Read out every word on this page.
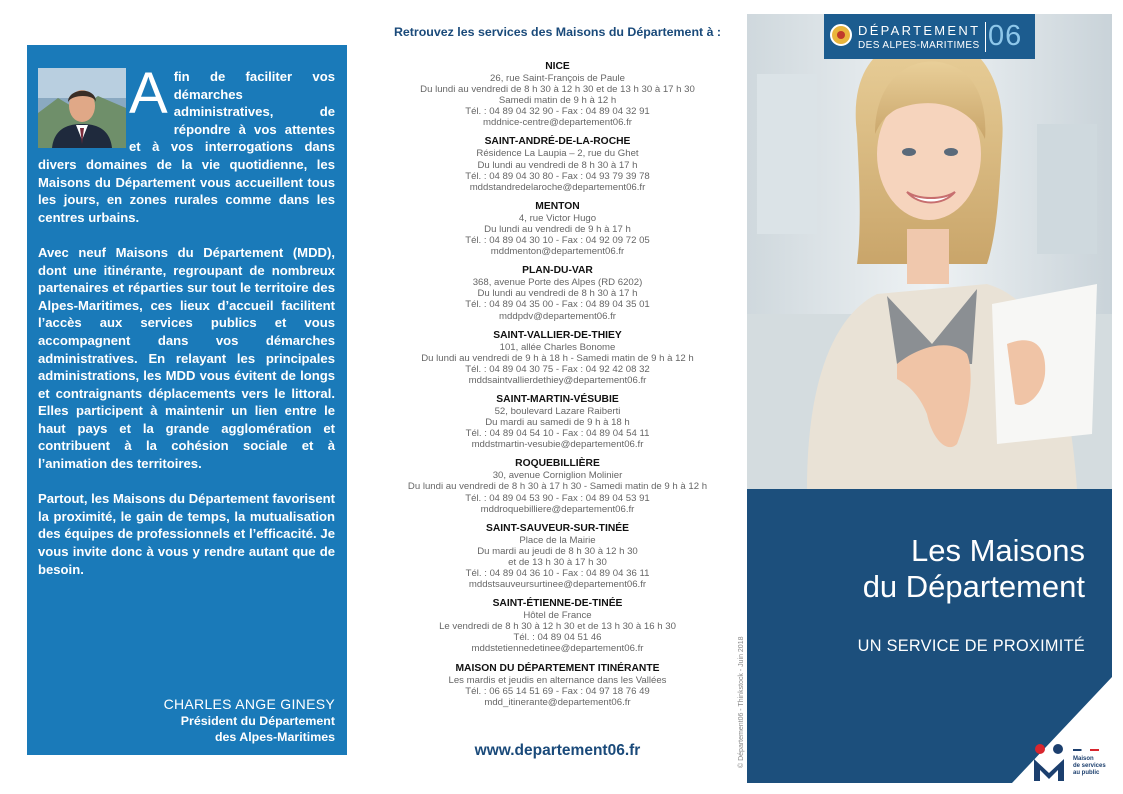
Afin de faciliter vos démarches administratives, de répondre à vos attentes et à vos interrogations dans divers domaines de la vie quotidienne, les Maisons du Département vous accueillent tous les jours, en zones rurales comme dans les centres urbains.

Avec neuf Maisons du Département (MDD), dont une itinérante, regroupant de nombreux partenaires et réparties sur tout le territoire des Alpes-Maritimes, ces lieux d’accueil facilitent l’accès aux services publics et vous accompagnent dans vos démarches administratives. En relayant les principales administrations, les MDD vous évitent de longs et contraignants déplacements vers le littoral. Elles participent à maintenir un lien entre le haut pays et la grande agglomération et contribuent à la cohésion sociale et à l’animation des territoires.

Partout, les Maisons du Département favorisent la proximité, le gain de temps, la mutualisation des équipes de professionnels et l’efficacité. Je vous invite donc à vous y rendre autant que de besoin.

CHARLES ANGE GINESY
Président du Département
des Alpes-Maritimes
Retrouvez les services des Maisons du Département à :
NICE
26, rue Saint-François de Paule
Du lundi au vendredi de 8 h 30 à 12 h 30 et de 13 h 30 à 17 h 30
Samedi matin de 9 h à 12 h
Tél. : 04 89 04 32 90 - Fax : 04 89 04 32 91
mddnice-centre@departement06.fr
SAINT-ANDRÉ-DE-LA-ROCHE
Résidence La Laupia – 2, rue du Ghet
Du lundi au vendredi de 8 h 30 à 17 h
Tél. : 04 89 04 30 80 - Fax : 04 93 79 39 78
mddstandredelaroche@departement06.fr
MENTON
4, rue Victor Hugo
Du lundi au vendredi de 9 h à 17 h
Tél. : 04 89 04 30 10 - Fax : 04 92 09 72 05
mddmenton@departement06.fr
PLAN-DU-VAR
368, avenue Porte des Alpes (RD 6202)
Du lundi au vendredi de 8 h 30 à 17 h
Tél. : 04 89 04 35 00 - Fax : 04 89 04 35 01
mddpdv@departement06.fr
SAINT-VALLIER-DE-THIEY
101, allée Charles Bonome
Du lundi au vendredi de 9 h à 18 h - Samedi matin de 9 h à 12 h
Tél. : 04 89 04 30 75 - Fax : 04 92 42 08 32
mddsaintvallierdethiey@departement06.fr
SAINT-MARTIN-VÉSUBIE
52, boulevard Lazare Raiberti
Du mardi au samedi de 9 h à 18 h
Tél. : 04 89 04 54 10 - Fax : 04 89 04 54 11
mddstmartin-vesubie@departement06.fr
ROQUEBILLIÈRE
30, avenue Corniglion Molinier
Du lundi au vendredi de 8 h 30 à 17 h 30 - Samedi matin de 9 h à 12 h
Tél. : 04 89 04 53 90 - Fax : 04 89 04 53 91
mddroquebilliere@departement06.fr
SAINT-SAUVEUR-SUR-TINÉE
Place de la Mairie
Du mardi au jeudi de 8 h 30 à 12 h 30
et de 13 h 30 à 17 h 30
Tél. : 04 89 04 36 10 - Fax : 04 89 04 36 11
mddstsauveursurtinee@departement06.fr
SAINT-ÉTIENNE-DE-TINÉE
Hôtel de France
Le vendredi de 8 h 30 à 12 h 30 et de 13 h 30 à 16 h 30
Tél. : 04 89 04 51 46
mddstetiennedetinee@departement06.fr
MAISON DU DÉPARTEMENT ITINÉRANTE
Les mardis et jeudis en alternance dans les Vallées
Tél. : 06 65 14 51 69 - Fax : 04 97 18 76 49
mdd_itinerante@departement06.fr
www.departement06.fr	© Département06 - Thinkstock - Juin 2018
DÉPARTEMENT
DES ALPES-MARITIMES 06
Les Maisons
du Département
UN SERVICE DE PROXIMITÉ
Maison
de services
au public
